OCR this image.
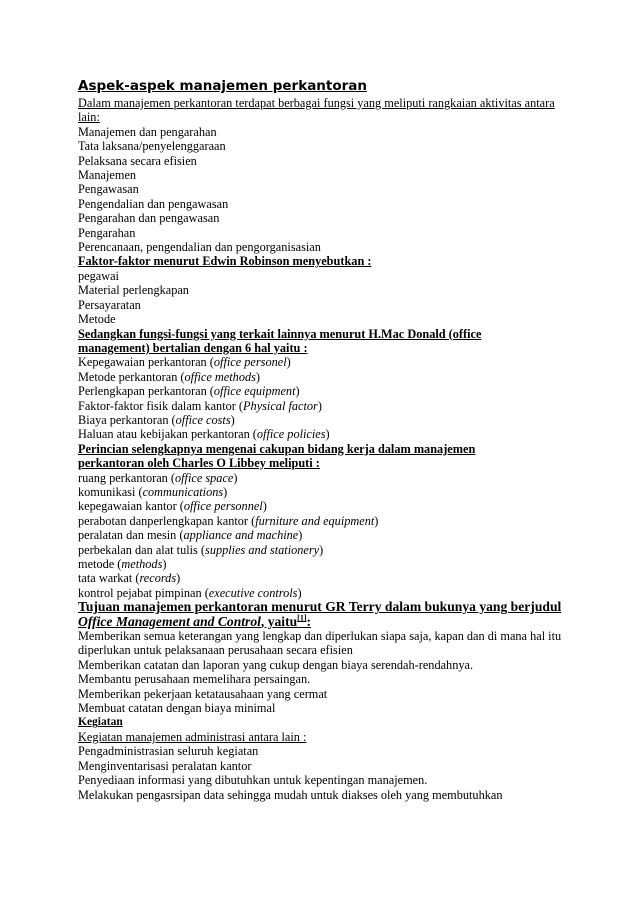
Aspek-aspek manajemen perkantoran
Dalam manajemen perkantoran terdapat berbagai fungsi yang meliputi rangkaian aktivitas antara lain:
Manajemen dan pengarahan
Tata laksana/penyelenggaraan
Pelaksana secara efisien
Manajemen
Pengawasan
Pengendalian dan pengawasan
Pengarahan dan pengawasan
Pengarahan
Perencanaan, pengendalian dan pengorganisasian
Faktor-faktor menurut Edwin Robinson menyebutkan :
pegawai
Material perlengkapan
Persayaratan
Metode
Sedangkan fungsi-fungsi yang terkait lainnya menurut H.Mac Donald (office management) bertalian dengan 6 hal yaitu :
Kepegawaian perkantoran (office personel)
Metode perkantoran (office methods)
Perlengkapan perkantoran (office equipment)
Faktor-faktor fisik dalam kantor (Physical factor)
Biaya perkantoran (office costs)
Haluan atau kebijakan perkantoran (office policies)
Perincian selengkapnya mengenai cakupan bidang kerja dalam manajemen perkantoran oleh Charles O Libbey meliputi :
ruang perkantoran (office space)
komunikasi (communications)
kepegawaian kantor (office personnel)
perabotan danperlengkapan kantor (furniture and equipment)
peralatan dan mesin (appliance and machine)
perbekalan dan alat tulis (supplies and stationery)
metode (methods)
tata warkat (records)
kontrol pejabat pimpinan (executive controls)
Tujuan manajemen perkantoran menurut GR Terry dalam bukunya yang berjudul
Office Management and Control, yaitu[1]:
Memberikan semua keterangan yang lengkap dan diperlukan siapa saja, kapan dan di mana hal itu diperlukan untuk pelaksanaan perusahaan secara efisien
Memberikan catatan dan laporan yang cukup dengan biaya serendah-rendahnya.
Membantu perusahaan memelihara persaingan.
Memberikan pekerjaan ketatausahaan yang cermat
Membuat catatan dengan biaya minimal
Kegiatan
Kegiatan manajemen administrasi antara lain :
Pengadministrasian seluruh kegiatan
Menginventarisasi peralatan kantor
Penyediaan informasi yang dibutuhkan untuk kepentingan manajemen.
Melakukan pengasrsipan data sehingga mudah untuk diakses oleh yang membutuhkan
